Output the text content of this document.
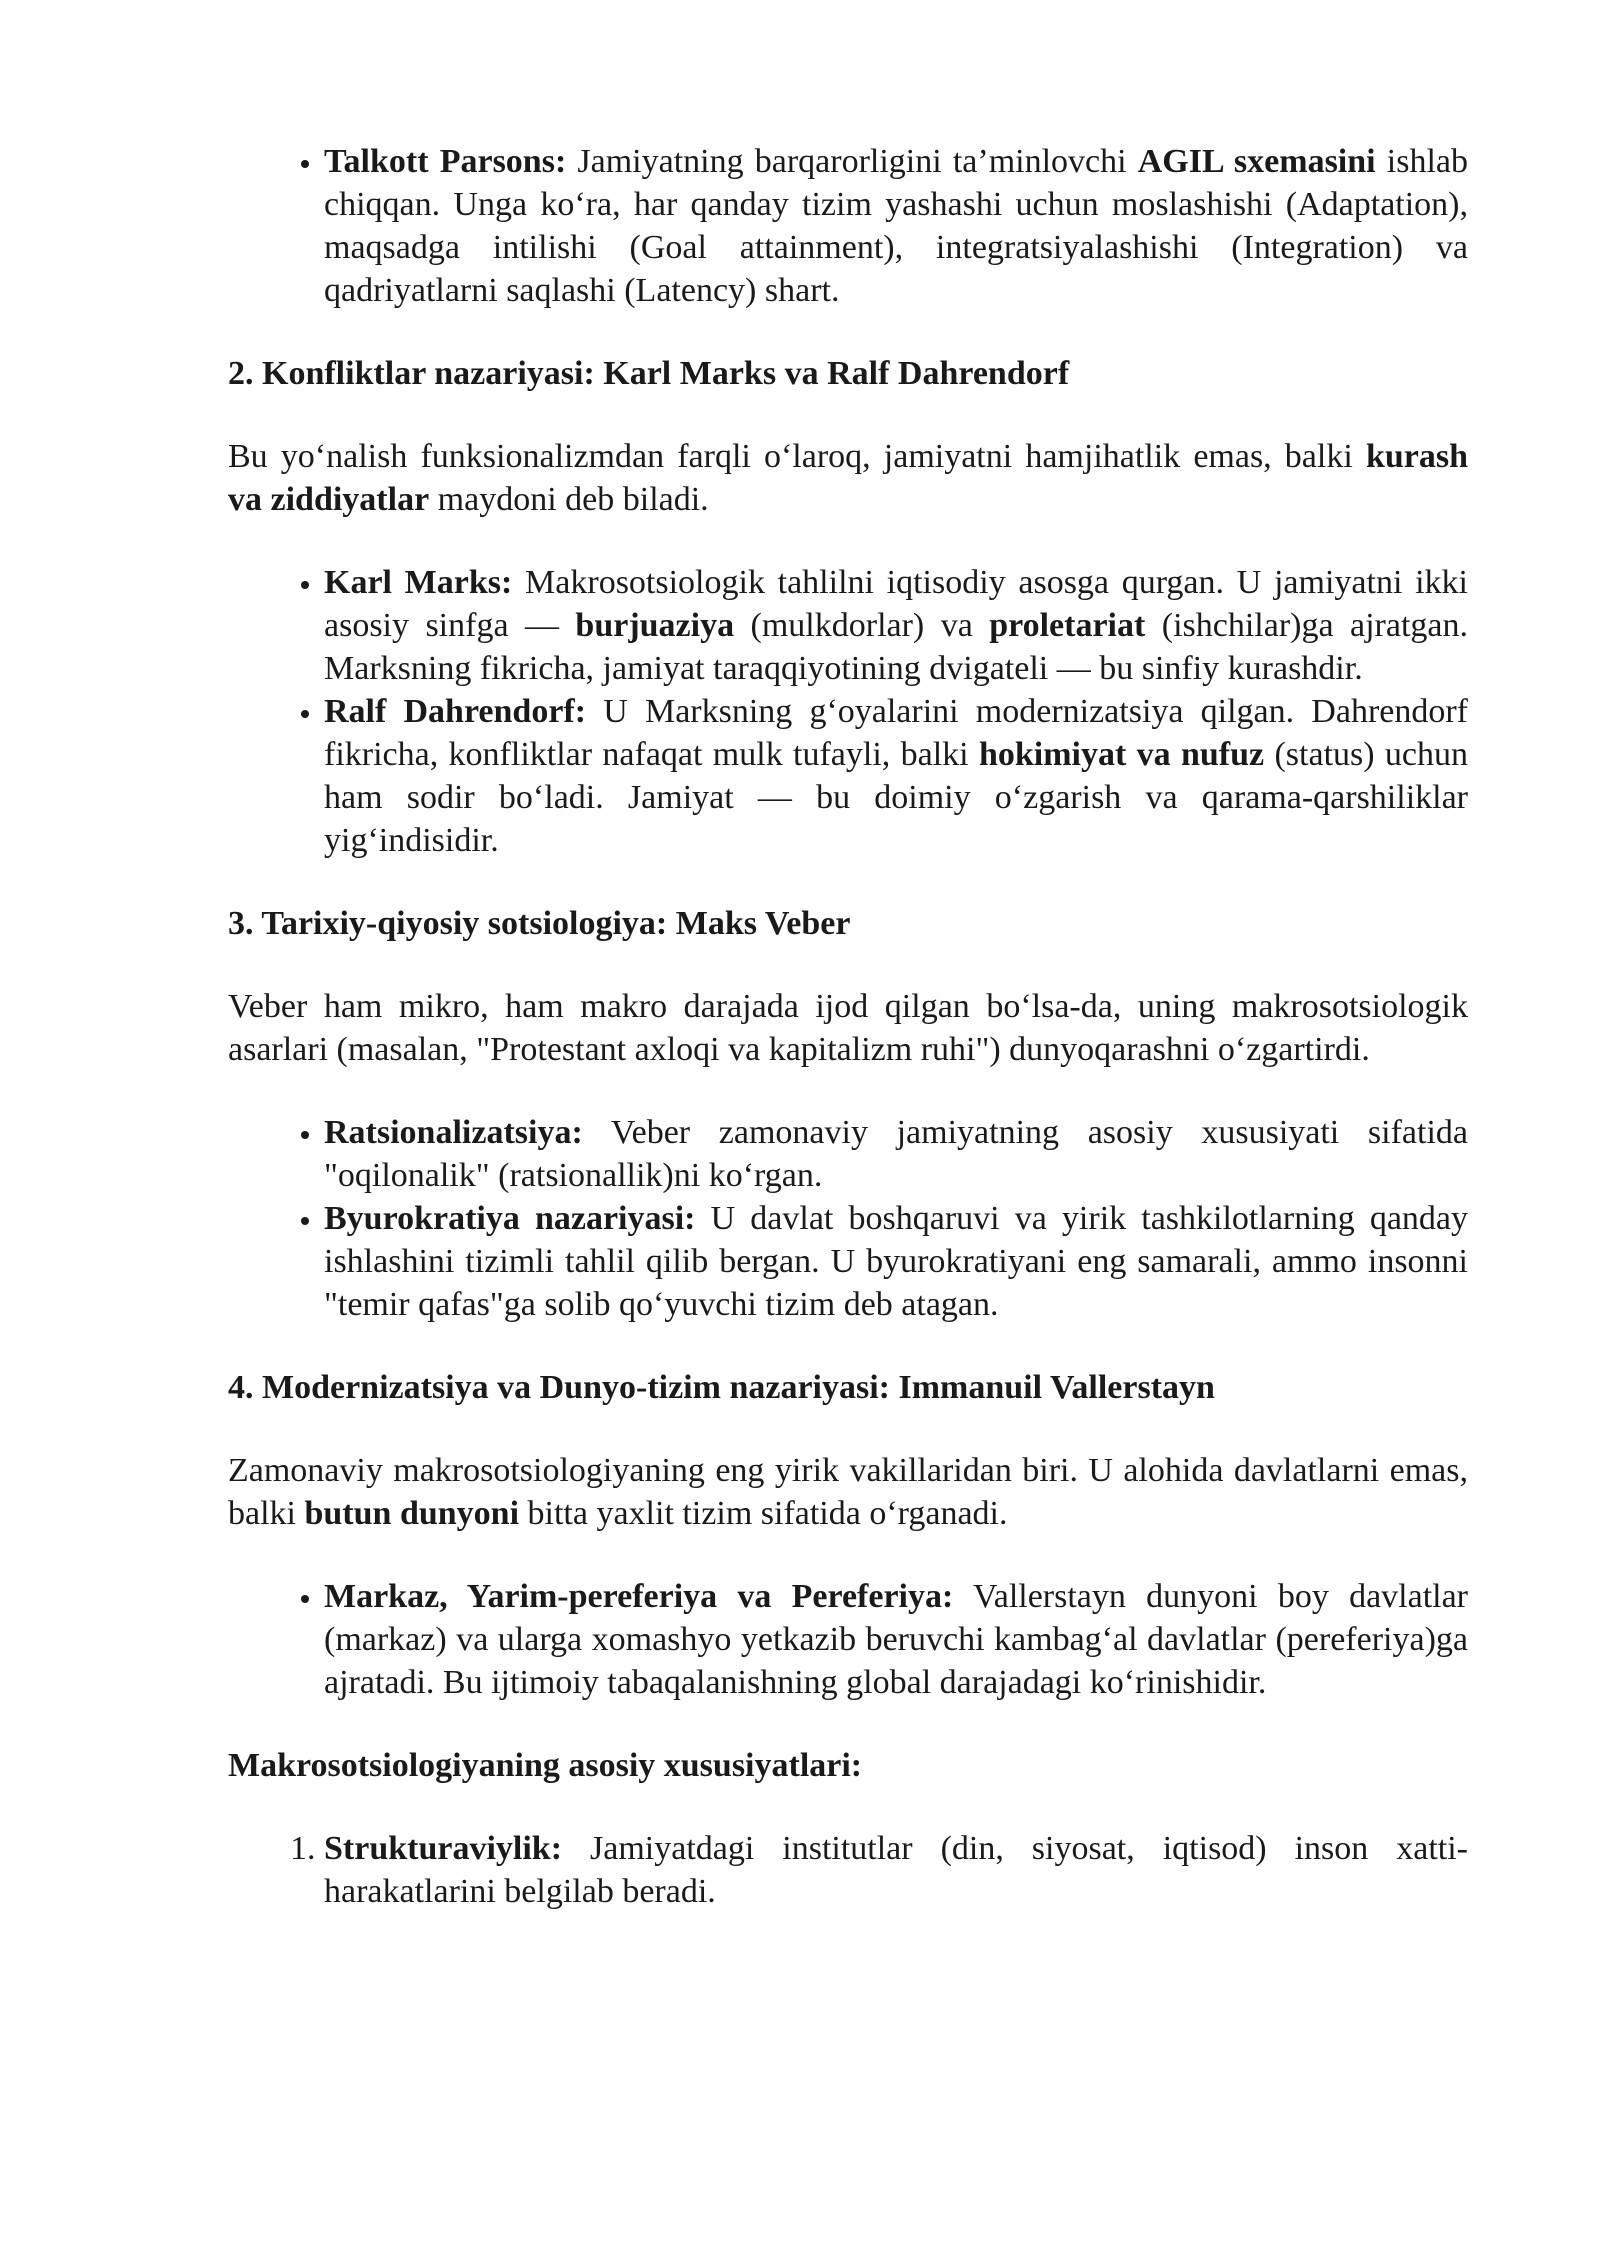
• Talkott Parsons: Jamiyatning barqarorligini ta’minlovchi AGIL sxemasini ishlab chiqqan. Unga ko‘ra, har qanday tizim yashashi uchun moslashishi (Adaptation), maqsadga intilishi (Goal attainment), integratsiyalashishi (Integration) va qadriyatlarni saqlashi (Latency) shart.
2. Konfliktlar nazariyasi: Karl Marks va Ralf Dahrendorf

Bu yo‘nalish funksionalizmdan farqli o‘laroq, jamiyatni hamjihatlik emas, balki kurash va ziddiyatlar maydoni deb biladi.

• Karl Marks: Makrosotsiologik tahlilni iqtisodiy asosga qurgan. U jamiyatni ikki asosiy sinfga — burjuaziya (mulkdorlar) va proletariat (ishchilar)ga ajratgan. Marksning fikricha, jamiyat taraqqiyotining dvigateli — bu sinfiy kurashdir.
• Ralf Dahrendorf: U Marksning g‘oyalarini modernizatsiya qilgan. Dahrendorf fikricha, konfliktlar nafaqat mulk tufayli, balki hokimiyat va nufuz (status) uchun ham sodir bo‘ladi. Jamiyat — bu doimiy o‘zgarish va qarama-qarshiliklar yig‘indisidir.
3. Tarixiy-qiyosiy sotsiologiya: Maks Veber

Veber ham mikro, ham makro darajada ijod qilgan bo‘lsa-da, uning makrosotsiologik asarlari (masalan, "Protestant axloqi va kapitalizm ruhi") dunyoqarashni o‘zgartirdi.

• Ratsionalizatsiya: Veber zamonaviy jamiyatning asosiy xususiyati sifatida "oqilonalik" (ratsionallik)ni ko‘rgan.
• Byurokratiya nazariyasi: U davlat boshqaruvi va yirik tashkilotlarning qanday ishlashini tizimli tahlil qilib bergan. U byurokratiyani eng samarali, ammo insonni "temir qafas"ga solib qo‘yuvchi tizim deb atagan.
4. Modernizatsiya va Dunyo-tizim nazariyasi: Immanuil Vallerstayn

Zamonaviy makrosotsiologiyaning eng yirik vakillaridan biri. U alohida davlatlarni emas, balki butun dunyoni bitta yaxlit tizim sifatida o‘rganadi.

• Markaz, Yarim-pereferiya va Pereferiya: Vallerstayn dunyoni boy davlatlar (markaz) va ularga xomashyo yetkazib beruvchi kambag‘al davlatlar (pereferiya)ga ajratadi. Bu ijtimoiy tabaqalanishning global darajadagi ko‘rinishidir.
Makrosotsiologiyaning asosiy xususiyatlari:
1. Strukturaviylik: Jamiyatdagi institutlar (din, siyosat, iqtisod) inson xatti-harakatlarini belgilab beradi.
